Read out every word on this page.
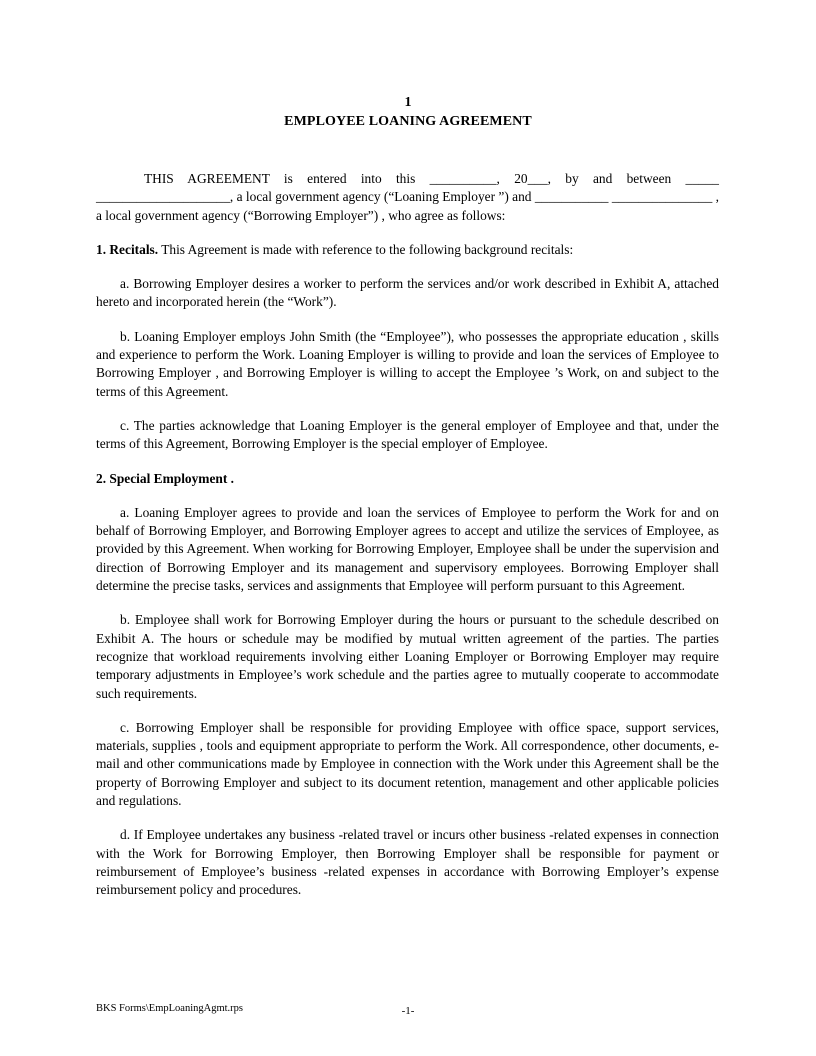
1
EMPLOYEE LOANING AGREEMENT

THIS AGREEMENT is entered into this __________, 20___, by and between _____ ____________________, a local government agency (“Loaning Employer ”) and ___________ _______________ , a local government agency (“Borrowing Employer”) , who agree as follows:

1. Recitals. This Agreement is made with reference to the following background recitals:

a. Borrowing Employer desires a worker to perform the services and/or work described in Exhibit A, attached hereto and incorporated herein (the “Work”).

b. Loaning Employer employs John Smith (the “Employee”), who possesses the appropriate education , skills and experience to perform the Work. Loaning Employer is willing to provide and loan the services of Employee to Borrowing Employer , and Borrowing Employer is willing to accept the Employee ’s Work, on and subject to the terms of this Agreement.

c. The parties acknowledge that Loaning Employer is the general employer of Employee and that, under the terms of this Agreement, Borrowing Employer is the special employer of Employee.

2. Special Employment .

a. Loaning Employer agrees to provide and loan the services of Employee to perform the Work for and on behalf of Borrowing Employer, and Borrowing Employer agrees to accept and utilize the services of Employee, as provided by this Agreement. When working for Borrowing Employer, Employee shall be under the supervision and direction of Borrowing Employer and its management and supervisory employees. Borrowing Employer shall determine the precise tasks, services and assignments that Employee will perform pursuant to this Agreement.

b. Employee shall work for Borrowing Employer during the hours or pursuant to the schedule described on Exhibit A. The hours or schedule may be modified by mutual written agreement of the parties. The parties recognize that workload requirements involving either Loaning Employer or Borrowing Employer may require temporary adjustments in Employee’s work schedule and the parties agree to mutually cooperate to accommodate such requirements.

c. Borrowing Employer shall be responsible for providing Employee with office space, support services, materials, supplies , tools and equipment appropriate to perform the Work. All correspondence, other documents, e-mail and other communications made by Employee in connection with the Work under this Agreement shall be the property of Borrowing Employer and subject to its document retention, management and other applicable policies and regulations.

d. If Employee undertakes any business -related travel or incurs other business -related expenses in connection with the Work for Borrowing Employer, then Borrowing Employer shall be responsible for payment or reimbursement of Employee’s business -related expenses in accordance with Borrowing Employer’s expense reimbursement policy and procedures.

BKS Forms\EmpLoaningAgmt.rps	-1-
